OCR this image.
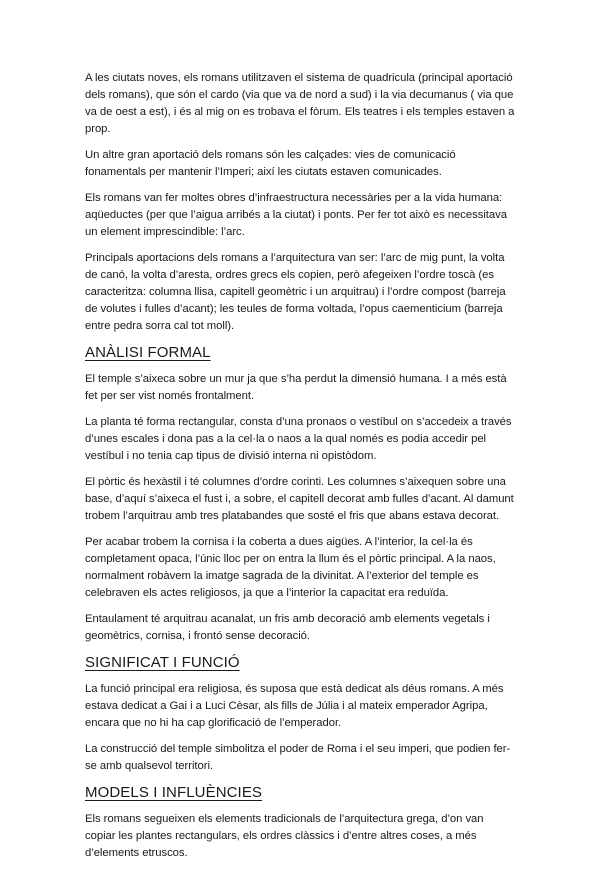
A les ciutats noves, els romans utilitzaven el sistema de quadricula (principal aportació dels romans), que són el cardo (via que va de nord a sud) i la via decumanus ( via que va de oest a est), i és al mig on es trobava el fòrum. Els teatres i els temples estaven a prop.

Un altre gran aportació dels romans són les calçades: vies de comunicació fonamentals per mantenir l’Imperi; així les ciutats estaven comunicades.

Els romans van fer moltes obres d’infraestructura necessàries per a la vida humana: aqüeductes (per que l’aigua arribés a la ciutat) i ponts. Per fer tot això es necessitava un element imprescindible: l’arc.

Principals aportacions dels romans a l’arquitectura van ser: l’arc de mig punt, la volta de canó, la volta d’aresta, ordres grecs els copien, però afegeixen l’ordre toscà (es caracteritza: columna llisa, capitell geomètric i un arquitrau) i l’ordre compost (barreja de volutes i fulles d’acant); les teules de forma voltada, l’opus caementicium (barreja entre pedra sorra cal tot moll).

ANÀLISI FORMAL

El temple s’aixeca sobre un mur ja que s’ha perdut la dimensió humana. I a més està fet per ser vist només frontalment.

La planta té forma rectangular, consta d’una pronaos o vestíbul on s’accedeix a través d’unes escales i dona pas a la cel·la o naos a la qual només es podia accedir pel vestíbul i no tenia cap tipus de divisió interna ni opistòdom.

El pòrtic és hexàstil i té columnes d’ordre corinti. Les columnes s’aixequen sobre una base, d’aquí s’aixeca el fust i, a sobre, el capitell decorat amb fulles d’acant. Al damunt trobem l’arquitrau amb tres platabandes que sosté el fris que abans estava decorat.

Per acabar trobem la cornisa i la coberta a dues aigües. A l’interior, la cel·la és completament opaca, l’únic lloc per on entra la llum és el pòrtic principal. A la naos, normalment robàvem la imatge sagrada de la divinitat. A l’exterior del temple es celebraven els actes religiosos, ja que a l’interior la capacitat era reduïda.

Entaulament té arquitrau acanalat, un fris amb decoració amb elements vegetals i geomètrics, cornisa, i frontó sense decoració.

SIGNIFICAT I FUNCIÓ

La funció principal era religiosa, és suposa que està dedicat als déus romans. A més estava dedicat a Gai i a Luci Cèsar, als fills de Júlia i al mateix emperador Agripa, encara que no hi ha cap glorificació de l’emperador.

La construcció del temple simbolitza el poder de Roma i el seu imperi, que podien fer-se amb qualsevol territori.

MODELS I INFLUÈNCIES

Els romans segueixen els elements tradicionals de l’arquitectura grega, d’on van copiar les plantes rectangulars, els ordres clàssics i d’entre altres coses, a més d’elements etruscos.
